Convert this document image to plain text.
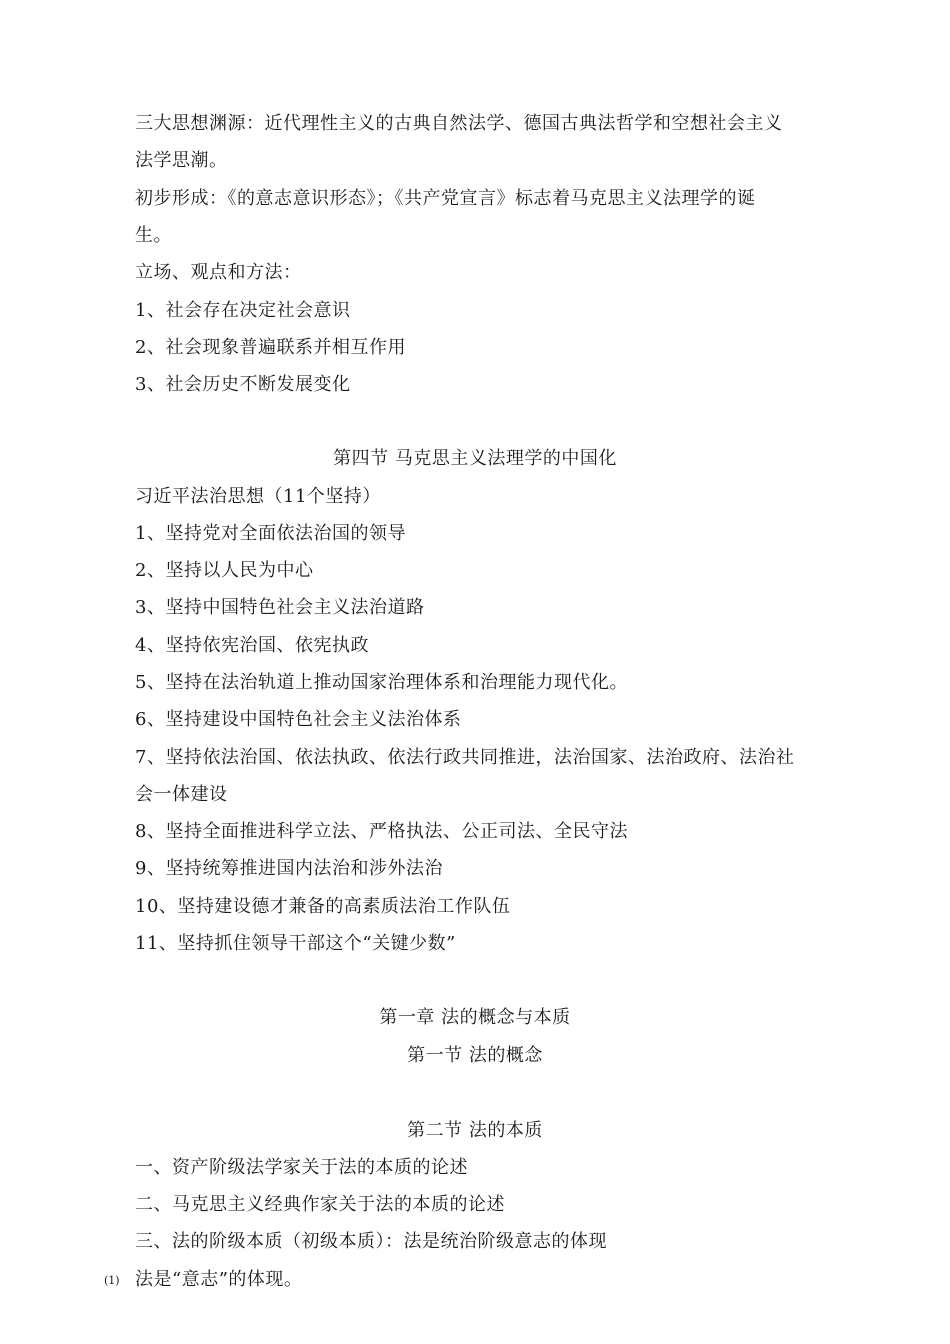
三大思想渊源：近代理性主义的古典自然法学、德国古典法哲学和空想社会主义
法学思潮。
初步形成：《的意志意识形态》；《共产党宣言》标志着马克思主义法理学的诞
生。
立场、观点和方法：
1、社会存在决定社会意识
2、社会现象普遍联系并相互作用
3、社会历史不断发展变化
第四节 马克思主义法理学的中国化
习近平法治思想（11个坚持）
1、坚持党对全面依法治国的领导
2、坚持以人民为中心
3、坚持中国特色社会主义法治道路
4、坚持依宪治国、依宪执政
5、坚持在法治轨道上推动国家治理体系和治理能力现代化。
6、坚持建设中国特色社会主义法治体系
7、坚持依法治国、依法执政、依法行政共同推进，法治国家、法治政府、法治社
会一体建设
8、坚持全面推进科学立法、严格执法、公正司法、全民守法
9、坚持统筹推进国内法治和涉外法治
10、坚持建设德才兼备的高素质法治工作队伍
11、坚持抓住领导干部这个“关键少数”
第一章 法的概念与本质
第一节 法的概念
第二节 法的本质
一、资产阶级法学家关于法的本质的论述
二、马克思主义经典作家关于法的本质的论述
三、法的阶级本质（初级本质）：法是统治阶级意志的体现
(1) 法是“意志”的体现。
